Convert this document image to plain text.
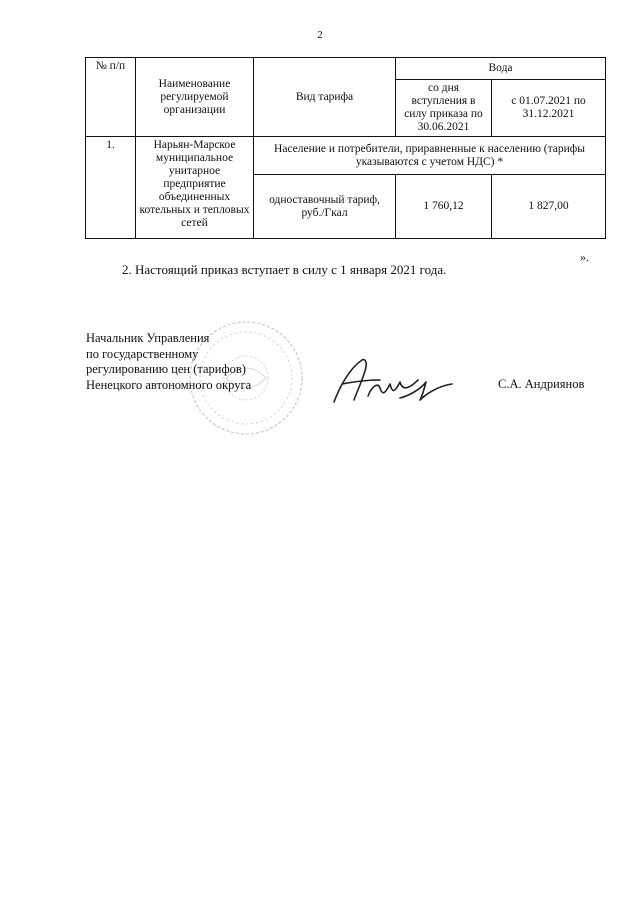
2
№ п/п	Наименование регулируемой организации	Вид тарифа	Вода	
			со дня вступления в силу приказа по 30.06.2021	с 01.07.2021 по 31.12.2021
1.	Нарьян-Марское муниципальное унитарное предприятие объединенных котельных и тепловых сетей	Население и потребители, приравненные к населению (тарифы указываются с учетом НДС) *		
		одноставочный тариф, руб./Гкал	1 760,12	1 827,00
».
2. Настоящий приказ вступает в силу с 1 января 2021 года.
Начальник Управления
по государственному
регулированию цен (тарифов)
Ненецкого автономного округа	С.А. Андриянов
